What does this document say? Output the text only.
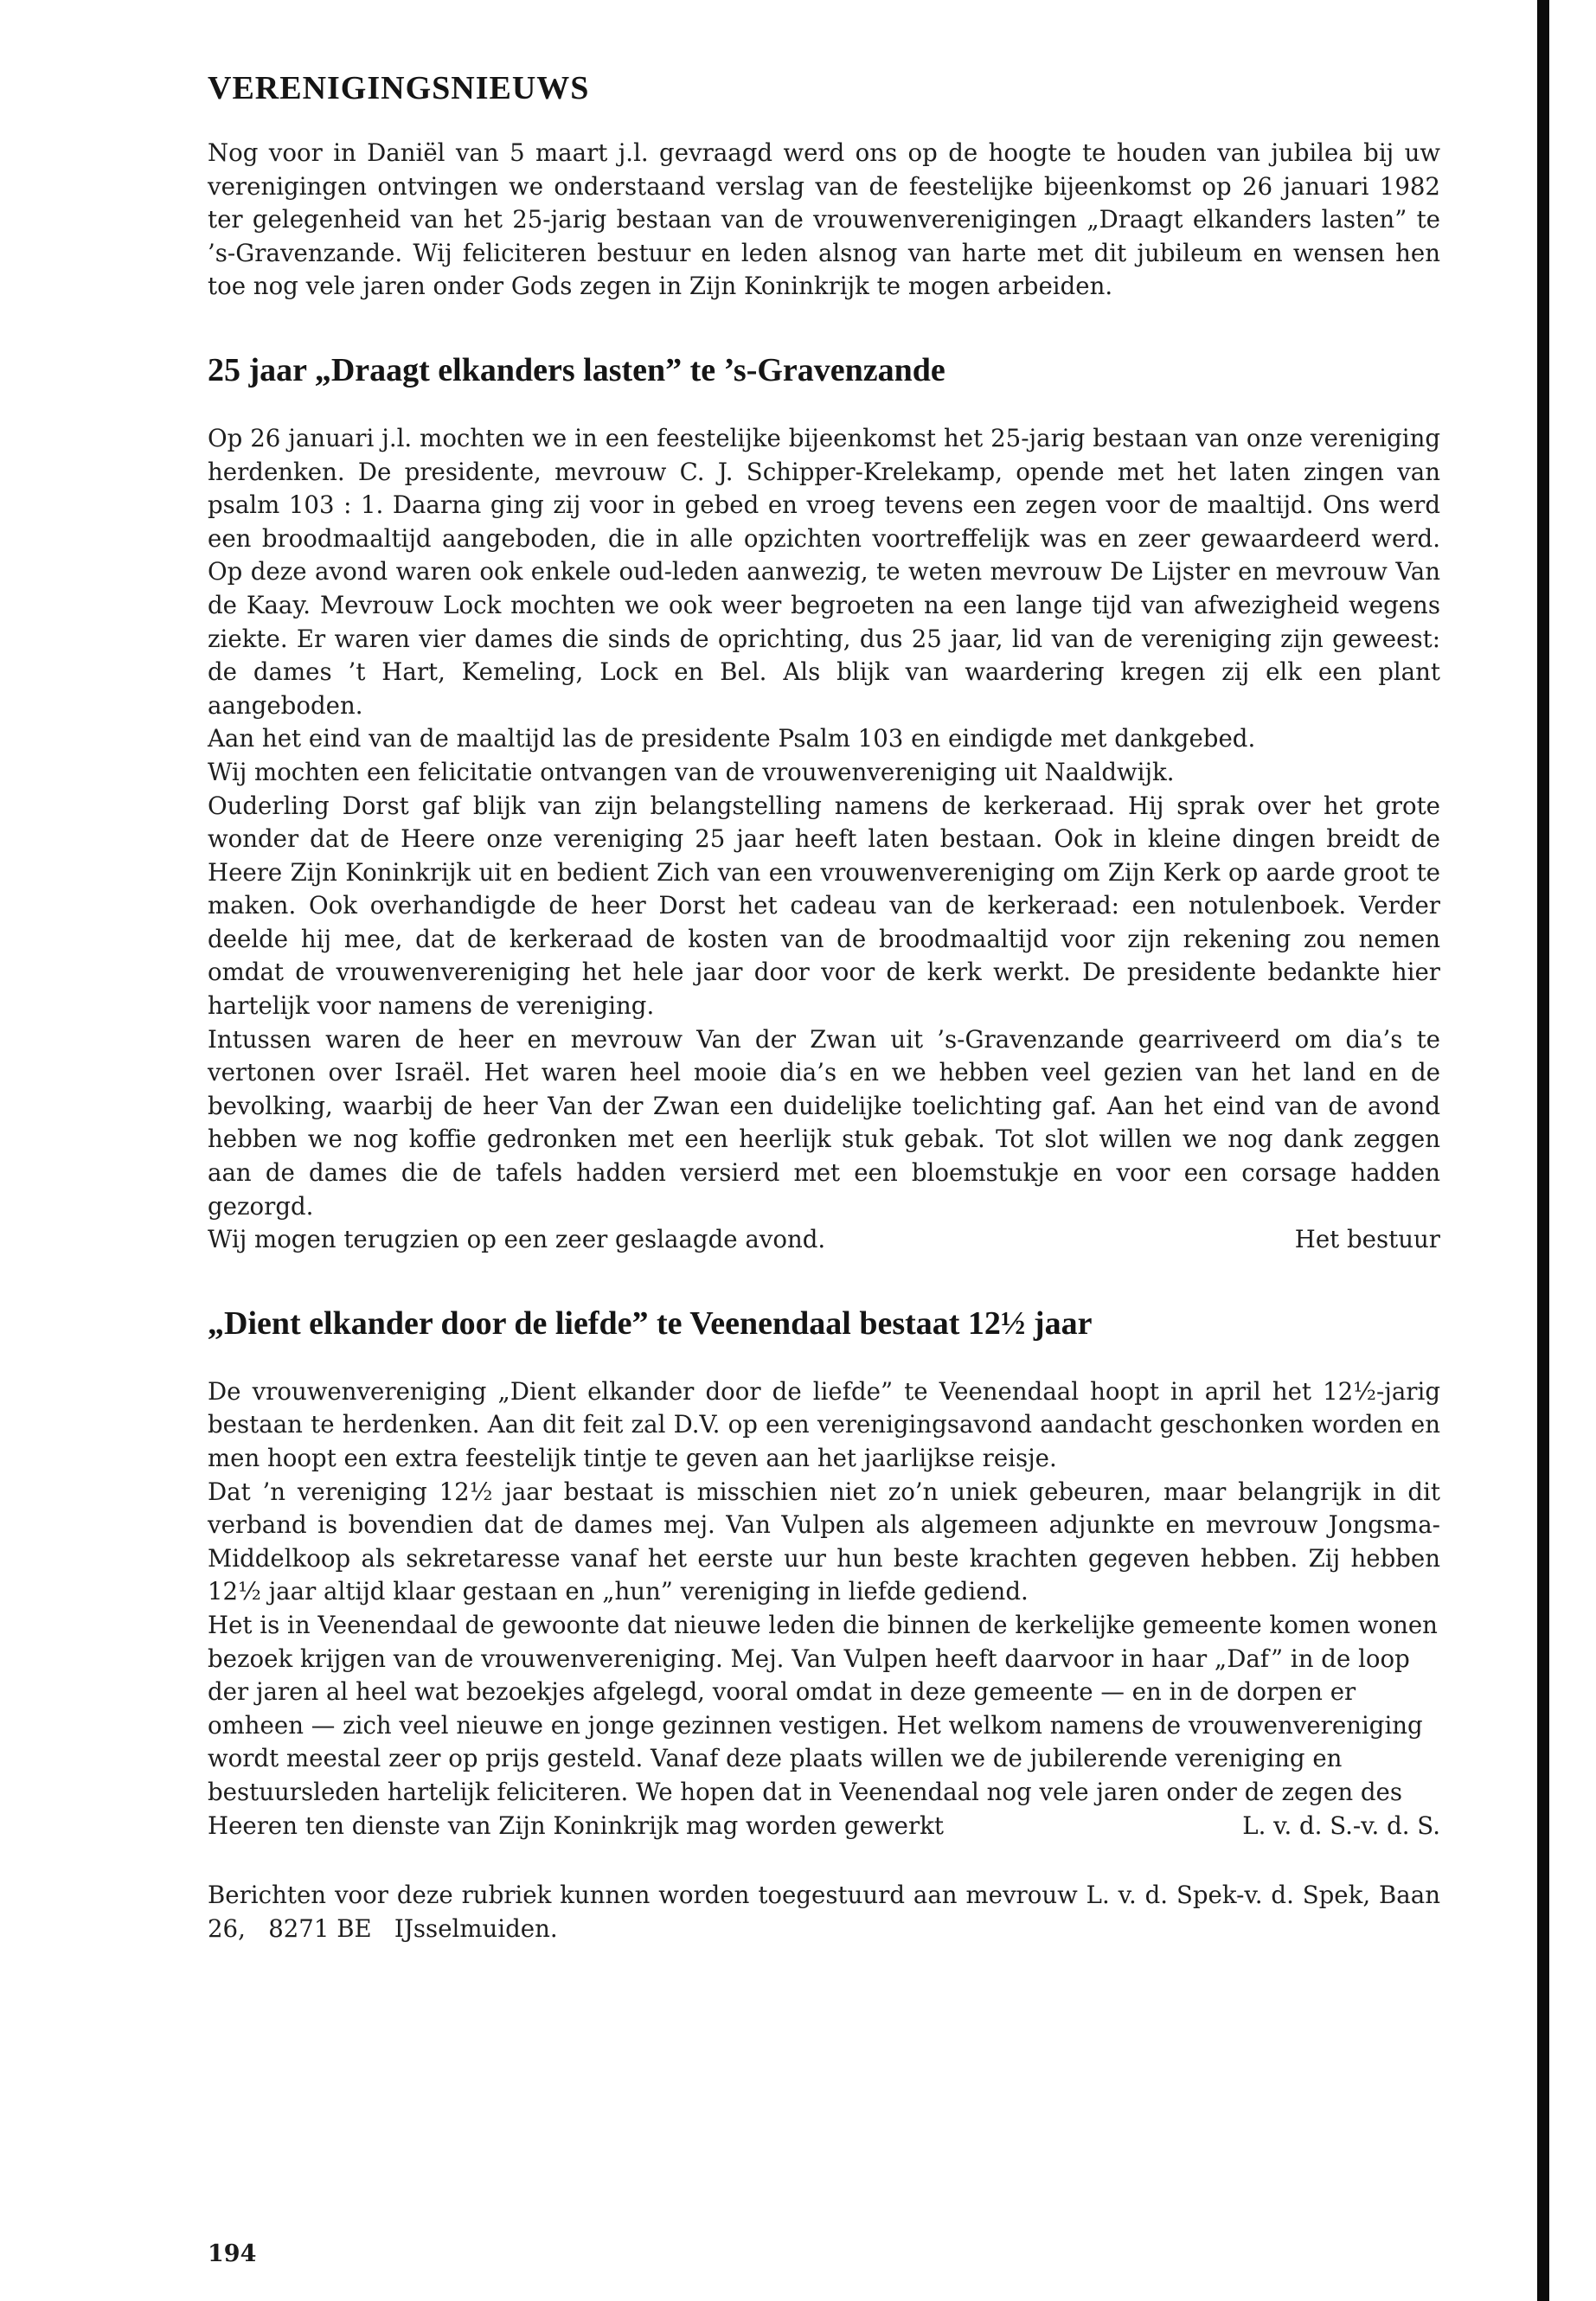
VERENIGINGSNIEUWS

Nog voor in Daniël van 5 maart j.l. gevraagd werd ons op de hoogte te houden van jubilea bij uw verenigingen ontvingen we onderstaand verslag van de feestelijke bijeenkomst op 26 januari 1982 ter gelegenheid van het 25-jarig bestaan van de vrouwenverenigingen „Draagt elkanders lasten” te ’s-Gravenzande. Wij feliciteren bestuur en leden alsnog van harte met dit jubileum en wensen hen toe nog vele jaren onder Gods zegen in Zijn Koninkrijk te mogen arbeiden.

25 jaar „Draagt elkanders lasten” te ’s-Gravenzande

Op 26 januari j.l. mochten we in een feestelijke bijeenkomst het 25-jarig bestaan van onze vereniging herdenken. De presidente, mevrouw C. J. Schipper-Krelekamp, opende met het laten zingen van psalm 103 : 1. Daarna ging zij voor in gebed en vroeg tevens een zegen voor de maaltijd. Ons werd een broodmaaltijd aangeboden, die in alle opzichten voortreffelijk was en zeer gewaardeerd werd. Op deze avond waren ook enkele oud-leden aanwezig, te weten mevrouw De Lijster en mevrouw Van de Kaay. Mevrouw Lock mochten we ook weer begroeten na een lange tijd van afwezigheid wegens ziekte. Er waren vier dames die sinds de oprichting, dus 25 jaar, lid van de vereniging zijn geweest: de dames ’t Hart, Kemeling, Lock en Bel. Als blijk van waardering kregen zij elk een plant aangeboden.

Aan het eind van de maaltijd las de presidente Psalm 103 en eindigde met dankgebed.

Wij mochten een felicitatie ontvangen van de vrouwenvereniging uit Naaldwijk.

Ouderling Dorst gaf blijk van zijn belangstelling namens de kerkeraad. Hij sprak over het grote wonder dat de Heere onze vereniging 25 jaar heeft laten bestaan. Ook in kleine dingen breidt de Heere Zijn Koninkrijk uit en bedient Zich van een vrouwenvereniging om Zijn Kerk op aarde groot te maken. Ook overhandigde de heer Dorst het cadeau van de kerkeraad: een notulenboek. Verder deelde hij mee, dat de kerkeraad de kosten van de broodmaaltijd voor zijn rekening zou nemen omdat de vrouwenvereniging het hele jaar door voor de kerk werkt. De presidente bedankte hier hartelijk voor namens de vereniging.

Intussen waren de heer en mevrouw Van der Zwan uit ’s-Gravenzande gearriveerd om dia’s te vertonen over Israël. Het waren heel mooie dia’s en we hebben veel gezien van het land en de bevolking, waarbij de heer Van der Zwan een duidelijke toelichting gaf. Aan het eind van de avond hebben we nog koffie gedronken met een heerlijk stuk gebak. Tot slot willen we nog dank zeggen aan de dames die de tafels hadden versierd met een bloemstukje en voor een corsage hadden gezorgd.

Wij mogen terugzien op een zeer geslaagde avond.	Het bestuur
„Dient elkander door de liefde” te Veenendaal bestaat 12½ jaar

De vrouwenvereniging „Dient elkander door de liefde” te Veenendaal hoopt in april het 12½-jarig bestaan te herdenken. Aan dit feit zal D.V. op een verenigingsavond aandacht geschonken worden en men hoopt een extra feestelijk tintje te geven aan het jaarlijkse reisje.

Dat ’n vereniging 12½ jaar bestaat is misschien niet zo’n uniek gebeuren, maar belangrijk in dit verband is bovendien dat de dames mej. Van Vulpen als algemeen adjunkte en mevrouw Jongsma-Middelkoop als sekretaresse vanaf het eerste uur hun beste krachten gegeven hebben. Zij hebben 12½ jaar altijd klaar gestaan en „hun” vereniging in liefde gediend.

Het is in Veenendaal de gewoonte dat nieuwe leden die binnen de kerkelijke gemeente komen wonen bezoek krijgen van de vrouwenvereniging. Mej. Van Vulpen heeft daarvoor in haar „Daf” in de loop der jaren al heel wat bezoekjes afgelegd, vooral omdat in deze gemeente — en in de dorpen er omheen — zich veel nieuwe en jonge gezinnen vestigen. Het welkom namens de vrouwenvereniging wordt meestal zeer op prijs gesteld. Vanaf deze plaats willen we de jubilerende vereniging en bestuursleden hartelijk feliciteren. We hopen dat in Veenendaal nog vele jaren onder de zegen des Heeren ten dienste van Zijn Koninkrijk mag worden gewerkt	L. v. d. S.-v. d. S.

Berichten voor deze rubriek kunnen worden toegestuurd aan mevrouw L. v. d. Spek-v. d. Spek, Baan 26,   8271 BE   IJsselmuiden.

194
